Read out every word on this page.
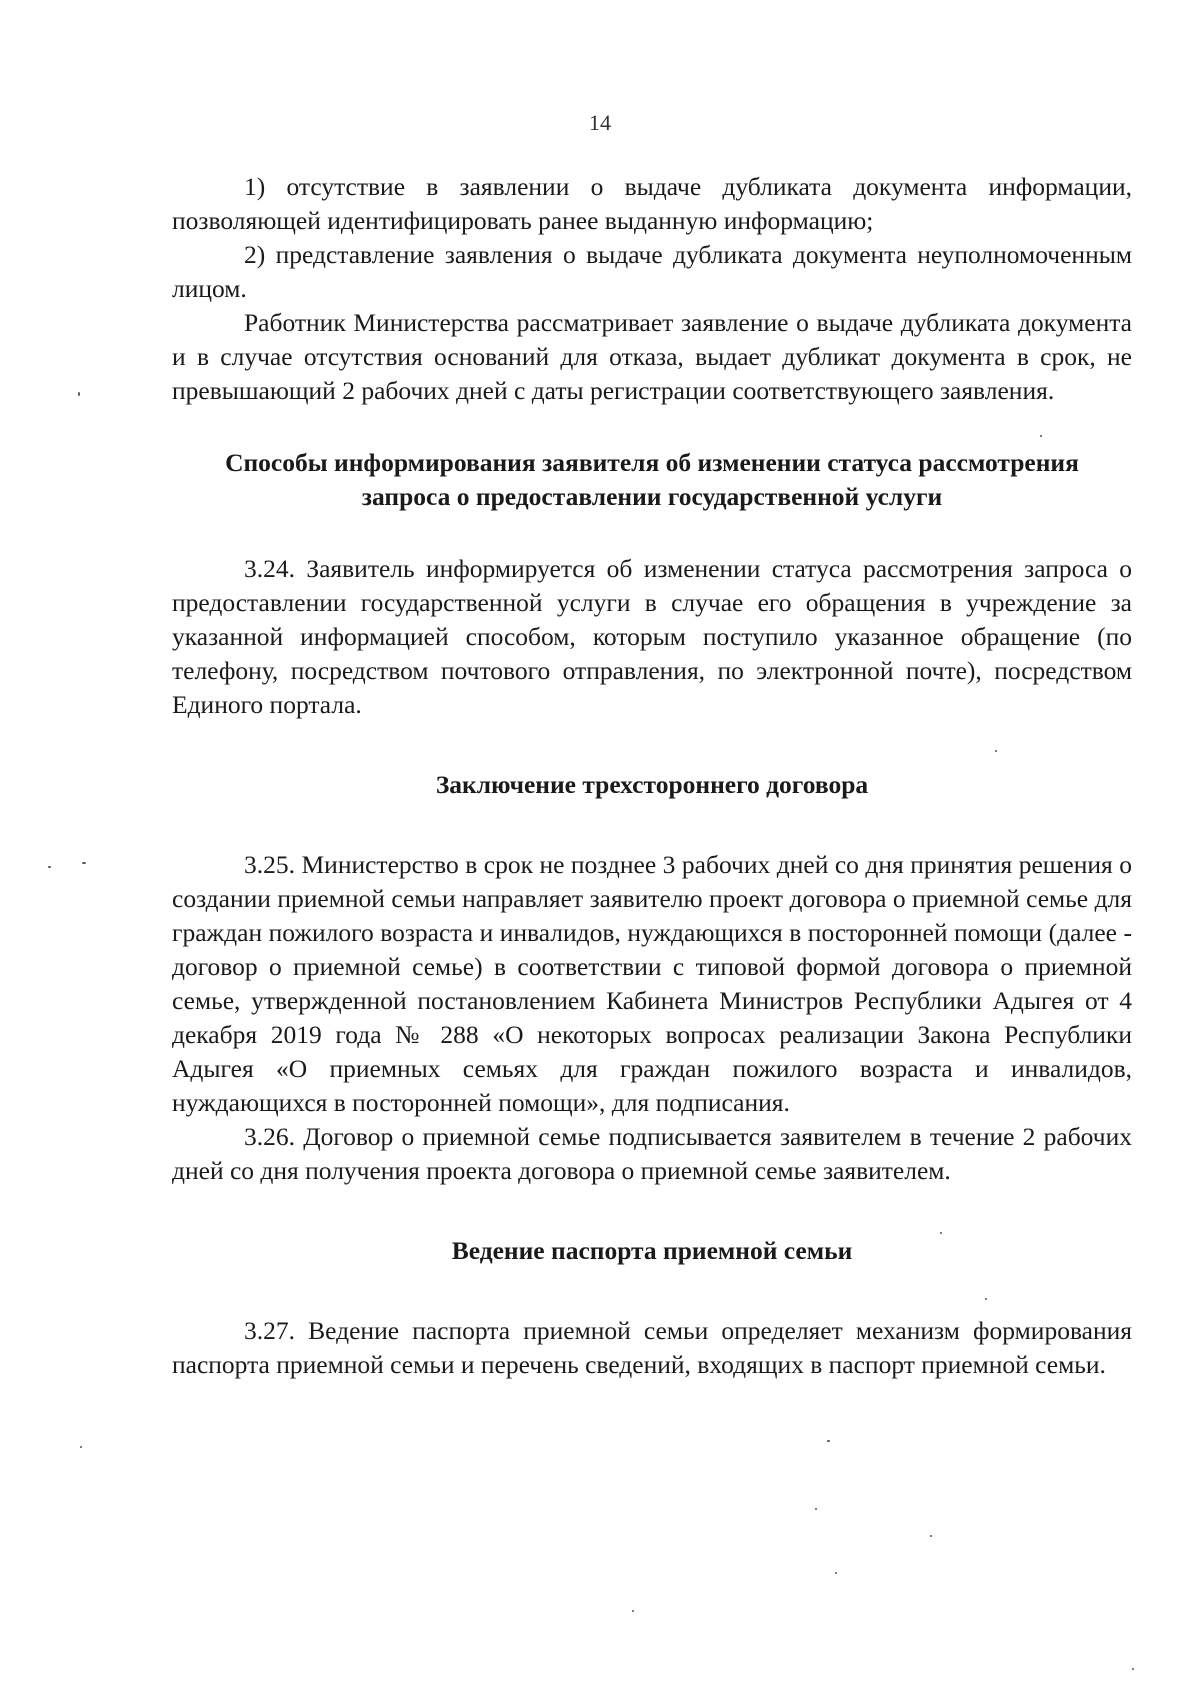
14

1) отсутствие в заявлении о выдаче дубликата документа информации, позволяющей идентифицировать ранее выданную информацию;

2) представление заявления о выдаче дубликата документа неуполномоченным лицом.

Работник Министерства рассматривает заявление о выдаче дубликата документа и в случае отсутствия оснований для отказа, выдает дубликат документа в срок, не превышающий 2 рабочих дней с даты регистрации соответствующего заявления.

Способы информирования заявителя об изменении статуса рассмотрения запроса о предоставлении государственной услуги

3.24. Заявитель информируется об изменении статуса рассмотрения запроса о предоставлении государственной услуги в случае его обращения в учреждение за указанной информацией способом, которым поступило указанное обращение (по телефону, посредством почтового отправления, по электронной почте), посредством Единого портала.

Заключение трехстороннего договора

3.25. Министерство в срок не позднее 3 рабочих дней со дня принятия решения о создании приемной семьи направляет заявителю проект договора о приемной семье для граждан пожилого возраста и инвалидов, нуждающихся в посторонней помощи (далее - договор о приемной семье) в соответствии с типовой формой договора о приемной семье, утвержденной постановлением Кабинета Министров Республики Адыгея от 4 декабря 2019 года № 288 «О некоторых вопросах реализации Закона Республики Адыгея «О приемных семьях для граждан пожилого возраста и инвалидов, нуждающихся в посторонней помощи», для подписания.

3.26. Договор о приемной семье подписывается заявителем в течение 2 рабочих дней со дня получения проекта договора о приемной семье заявителем.

Ведение паспорта приемной семьи

3.27. Ведение паспорта приемной семьи определяет механизм формирования паспорта приемной семьи и перечень сведений, входящих в паспорт приемной семьи.
